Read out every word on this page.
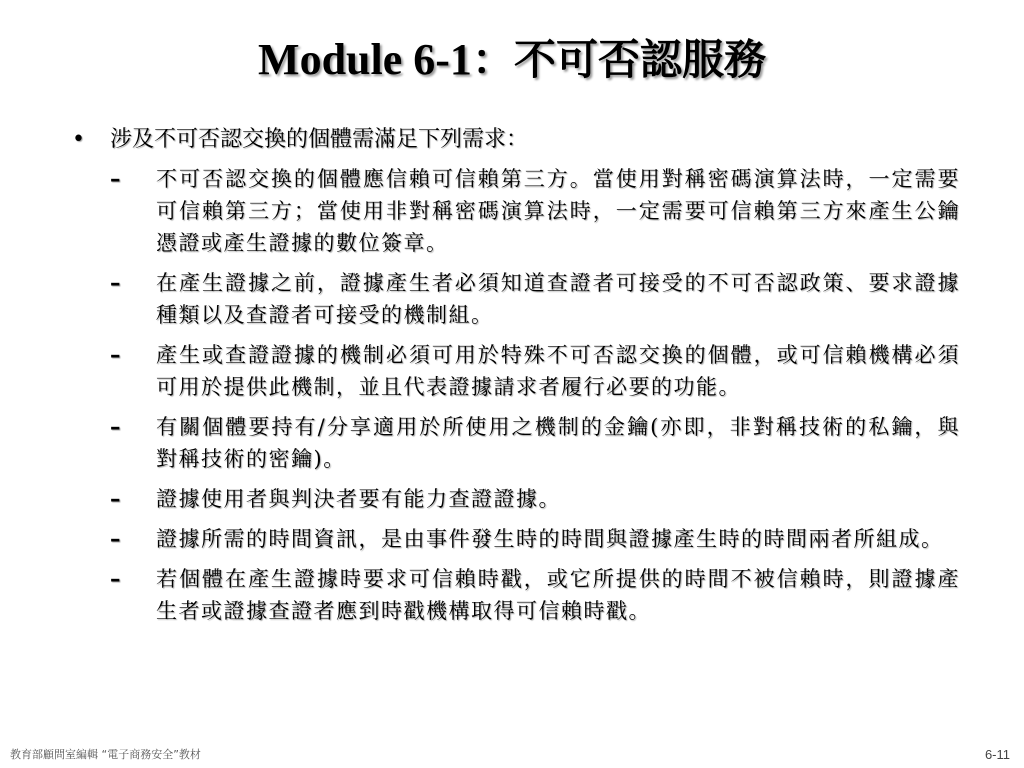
Module 6-1：不可否認服務
• 涉及不可否認交換的個體需滿足下列需求：
– 不可否認交換的個體應信賴可信賴第三方。當使用對稱密碼演算法時，一定需要可信賴第三方；當使用非對稱密碼演算法時，一定需要可信賴第三方來產生公鑰憑證或產生證據的數位簽章。
– 在產生證據之前，證據產生者必須知道查證者可接受的不可否認政策、要求證據種類以及查證者可接受的機制組。
– 產生或查證證據的機制必須可用於特殊不可否認交換的個體，或可信賴機構必須可用於提供此機制，並且代表證據請求者履行必要的功能。
– 有關個體要持有/分享適用於所使用之機制的金鑰(亦即，非對稱技術的私鑰，與對稱技術的密鑰)。
– 證據使用者與判決者要有能力查證證據。
– 證據所需的時間資訊，是由事件發生時的時間與證據產生時的時間兩者所組成。
– 若個體在產生證據時要求可信賴時戳，或它所提供的時間不被信賴時，則證據產生者或證據查證者應到時戳機構取得可信賴時戳。
教育部顧問室編輯 “電子商務安全”教材	6-11
